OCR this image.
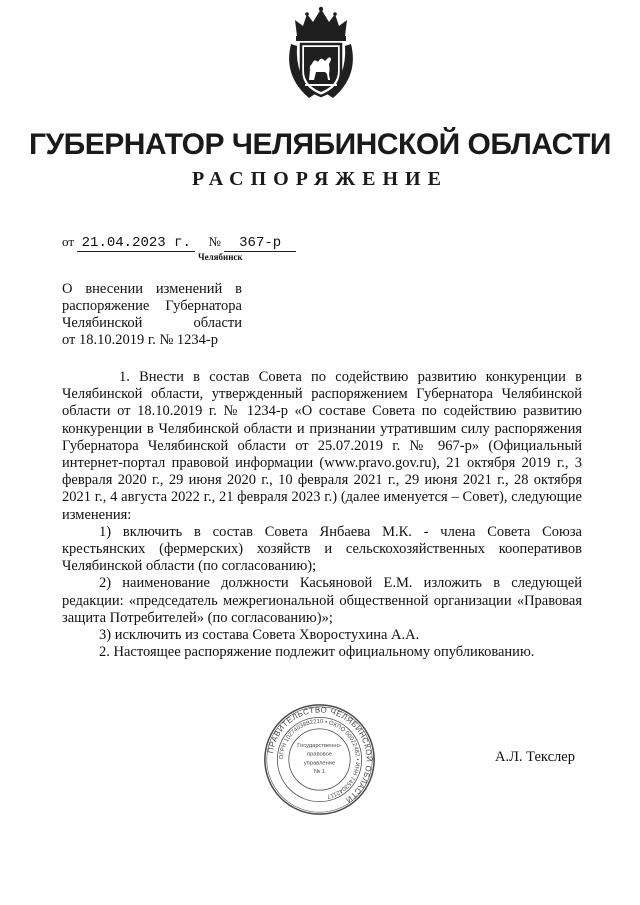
ГУБЕРНАТОР ЧЕЛЯБИНСКОЙ ОБЛАСТИ
РАСПОРЯЖЕНИЕ
от 21.04.2023 г. № 367-р
Челябинск
О внесении изменений в
распоряжение Губернатора
Челябинской области
от 18.10.2019 г. № 1234-р

1. Внести в состав Совета по содействию развитию конкуренции в Челябинской области, утвержденный распоряжением Губернатора Челябинской области от 18.10.2019 г. № 1234-р «О составе Совета по содействию развитию конкуренции в Челябинской области и признании утратившим силу распоряжения Губернатора Челябинской области от 25.07.2019 г. № 967-р» (Официальный интернет-портал правовой информации (www.pravo.gov.ru), 21 октября 2019 г., 3 февраля 2020 г., 29 июня 2020 г., 10 февраля 2021 г., 29 июня 2021 г., 28 октября 2021 г., 4 августа 2022 г., 21 февраля 2023 г.) (далее именуется – Совет), следующие изменения:

1) включить в состав Совета Янбаева М.К. - члена Совета Союза крестьянских (фермерских) хозяйств и сельскохозяйственных кооперативов Челябинской области (по согласованию);

2) наименование должности Касьяновой Е.М. изложить в следующей редакции: «председатель межрегиональной общественной организации «Правовая защита Потребителей» (по согласованию)»;

3) исключить из состава Совета Хворостухина А.А.

2. Настоящее распоряжение подлежит официальному опубликованию.

ПРАВИТЕЛЬСТВО ЧЕЛЯБИНСКОЙ ОБЛАСТИ
ОГРН 1027403882210 • ОКПО 00022482 • ИНН 7453042117
Государственно-
правовое
управление
№ 1
А.Л. Текслер
